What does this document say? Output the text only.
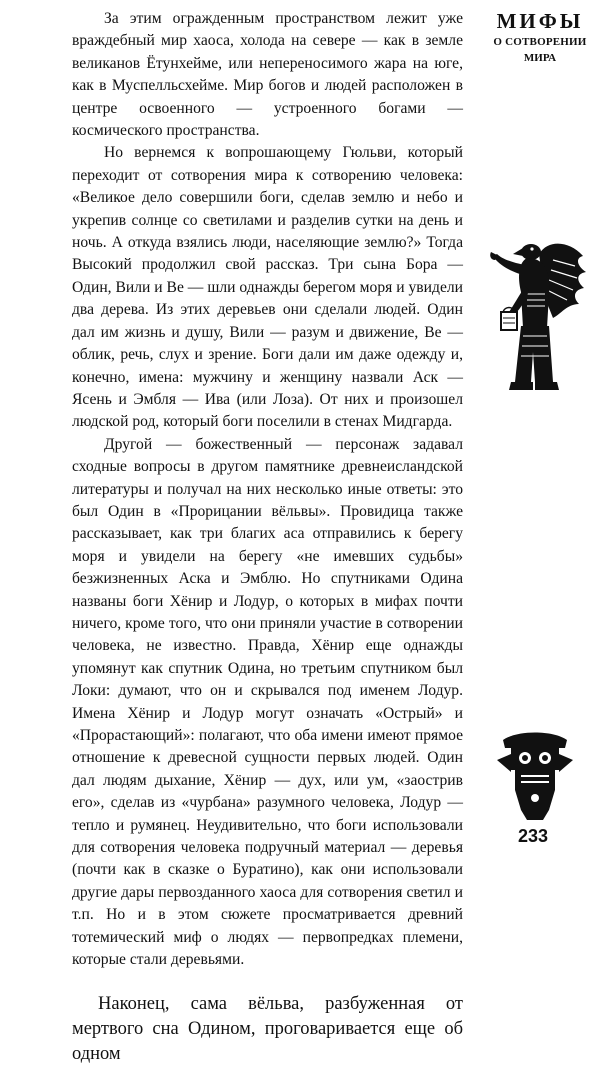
За этим огражденным пространством лежит уже враждебный мир хаоса, холода на севере — как в земле великанов Ётунхейме, или непереносимого жара на юге, как в Муспелльсхейме. Мир богов и людей расположен в центре освоенного — устроенного богами — космического пространства.

Но вернемся к вопрошающему Гюльви, который переходит от сотворения мира к сотворению человека: «Великое дело совершили боги, сделав землю и небо и укрепив солнце со светилами и разделив сутки на день и ночь. А откуда взялись люди, населяющие землю?» Тогда Высокий продолжил свой рассказ. Три сына Бора — Один, Вили и Ве — шли однажды берегом моря и увидели два дерева. Из этих деревьев они сделали людей. Один дал им жизнь и душу, Вили — разум и движение, Ве — облик, речь, слух и зрение. Боги дали им даже одежду и, конечно, имена: мужчину и женщину назвали Аск — Ясень и Эмбля — Ива (или Лоза). От них и произошел людской род, который боги поселили в стенах Мидгарда.

Другой — божественный — персонаж задавал сходные вопросы в другом памятнике древнеисландской литературы и получал на них несколько иные ответы: это был Один в «Прорицании вёльвы». Провидица также рассказывает, как три благих аса отправились к берегу моря и увидели на берегу «не имевших судьбы» безжизненных Аска и Эмблю. Но спутниками Одина названы боги Хёнир и Лодур, о которых в мифах почти ничего, кроме того, что они приняли участие в сотворении человека, не известно. Правда, Хёнир еще однажды упомянут как спутник Одина, но третьим спутником был Локи: думают, что он и скрывался под именем Лодур. Имена Хёнир и Лодур могут означать «Острый» и «Прорастающий»: полагают, что оба имени имеют прямое отношение к древесной сущности первых людей. Один дал людям дыхание, Хёнир — дух, или ум, «заострив его», сделав из «чурбана» разумного человека, Лодур — тепло и румянец. Неудивительно, что боги использовали для сотворения человека подручный материал — деревья (почти как в сказке о Буратино), как они использовали другие дары первозданного хаоса для сотворения светил и т.п. Но и в этом сюжете просматривается древний тотемический миф о людях — первопредках племени, которые стали деревьями.

Наконец, сама вёльва, разбуженная от мертвого сна Одином, проговаривается еще об одном

МИФЫ
О СОТВОРЕНИИ
МИРА
233
